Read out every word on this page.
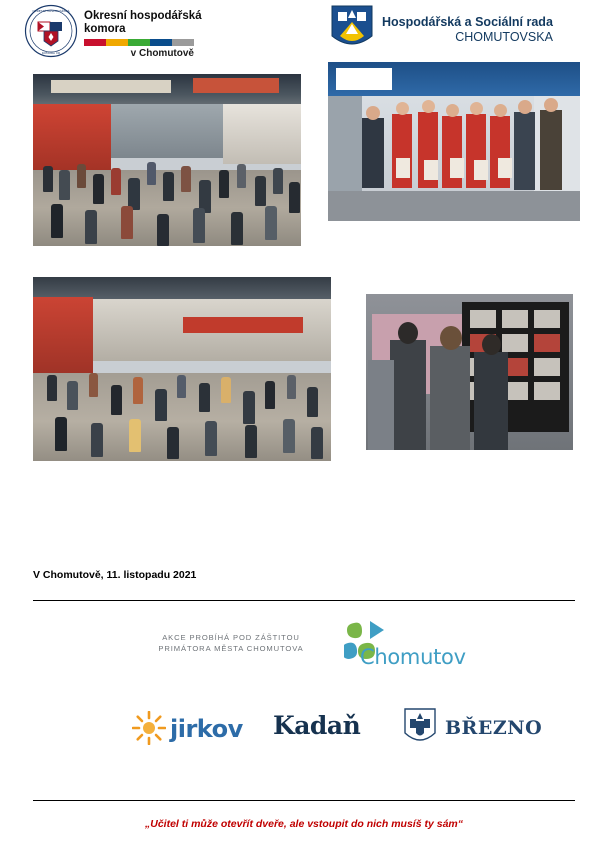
OKRESNÍ HOSPODÁŘSKÁ
KOMORA ČR
Okresní hospodářská
komora
v Chomutově
Hospodářská a Sociální rada
CHOMUTOVSKA
V Chomutově, 11. listopadu 2021
AKCE PROBÍHÁ POD ZÁŠTITOU
PRIMÁTORA MĚSTA CHOMUTOVA	Chomutov
jirkov Kadaň	BŘEZNO
„Učitel ti může otevřít dveře, ale vstoupit do nich musíš ty sám“
